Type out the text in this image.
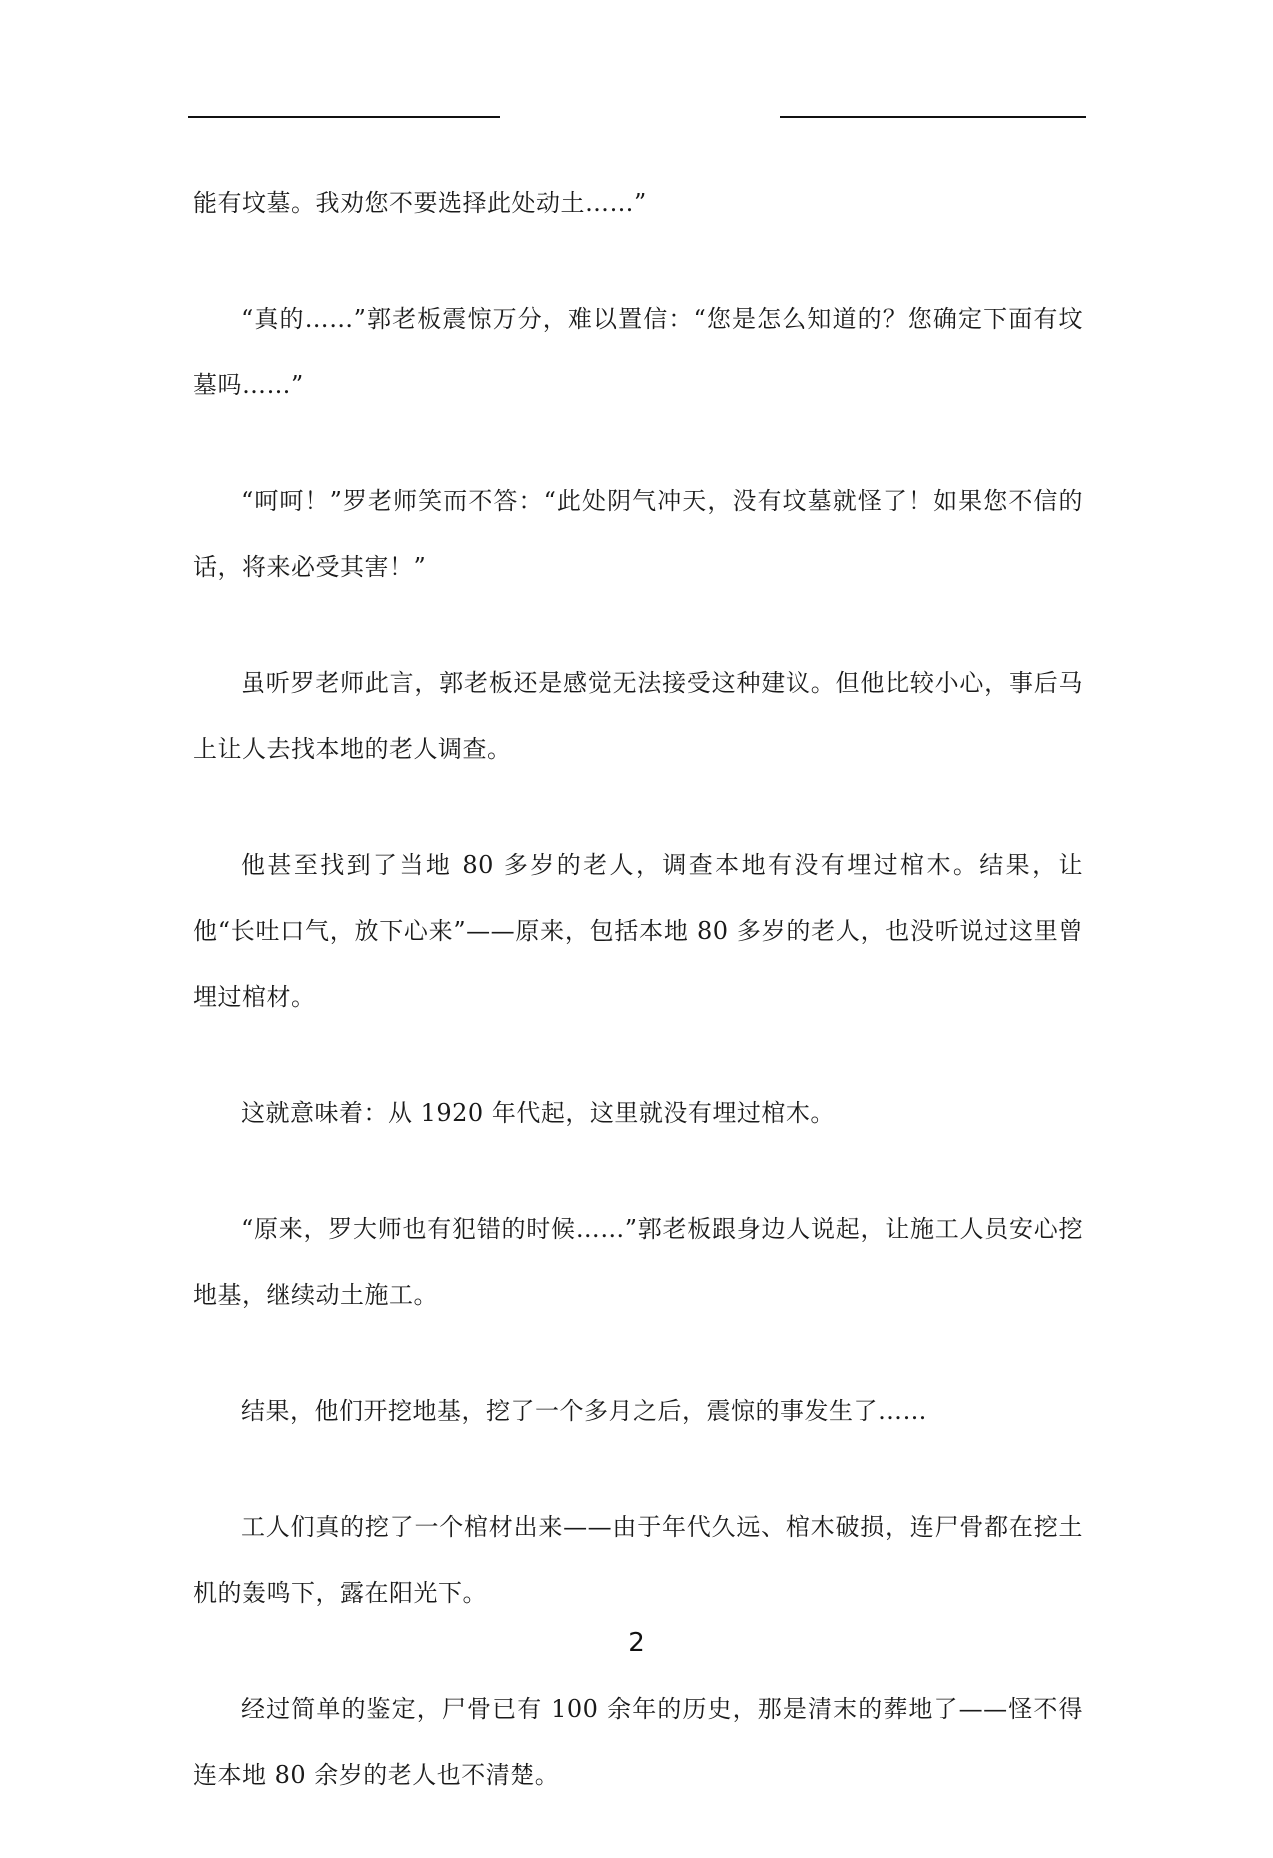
能有坟墓。我劝您不要选择此处动土……”

“真的……”郭老板震惊万分，难以置信：“您是怎么知道的？您确定下面有坟墓吗……”

“呵呵！”罗老师笑而不答：“此处阴气冲天，没有坟墓就怪了！如果您不信的话，将来必受其害！”

虽听罗老师此言，郭老板还是感觉无法接受这种建议。但他比较小心，事后马上让人去找本地的老人调查。

他甚至找到了当地 80 多岁的老人，调查本地有没有埋过棺木。结果，让他“长吐口气，放下心来”——原来，包括本地 80 多岁的老人，也没听说过这里曾埋过棺材。

这就意味着：从 1920 年代起，这里就没有埋过棺木。

“原来，罗大师也有犯错的时候……”郭老板跟身边人说起，让施工人员安心挖地基，继续动土施工。

结果，他们开挖地基，挖了一个多月之后，震惊的事发生了……

工人们真的挖了一个棺材出来——由于年代久远、棺木破损，连尸骨都在挖土机的轰鸣下，露在阳光下。

经过简单的鉴定，尸骨已有 100 余年的历史，那是清末的葬地了——怪不得连本地 80 余岁的老人也不清楚。

2
